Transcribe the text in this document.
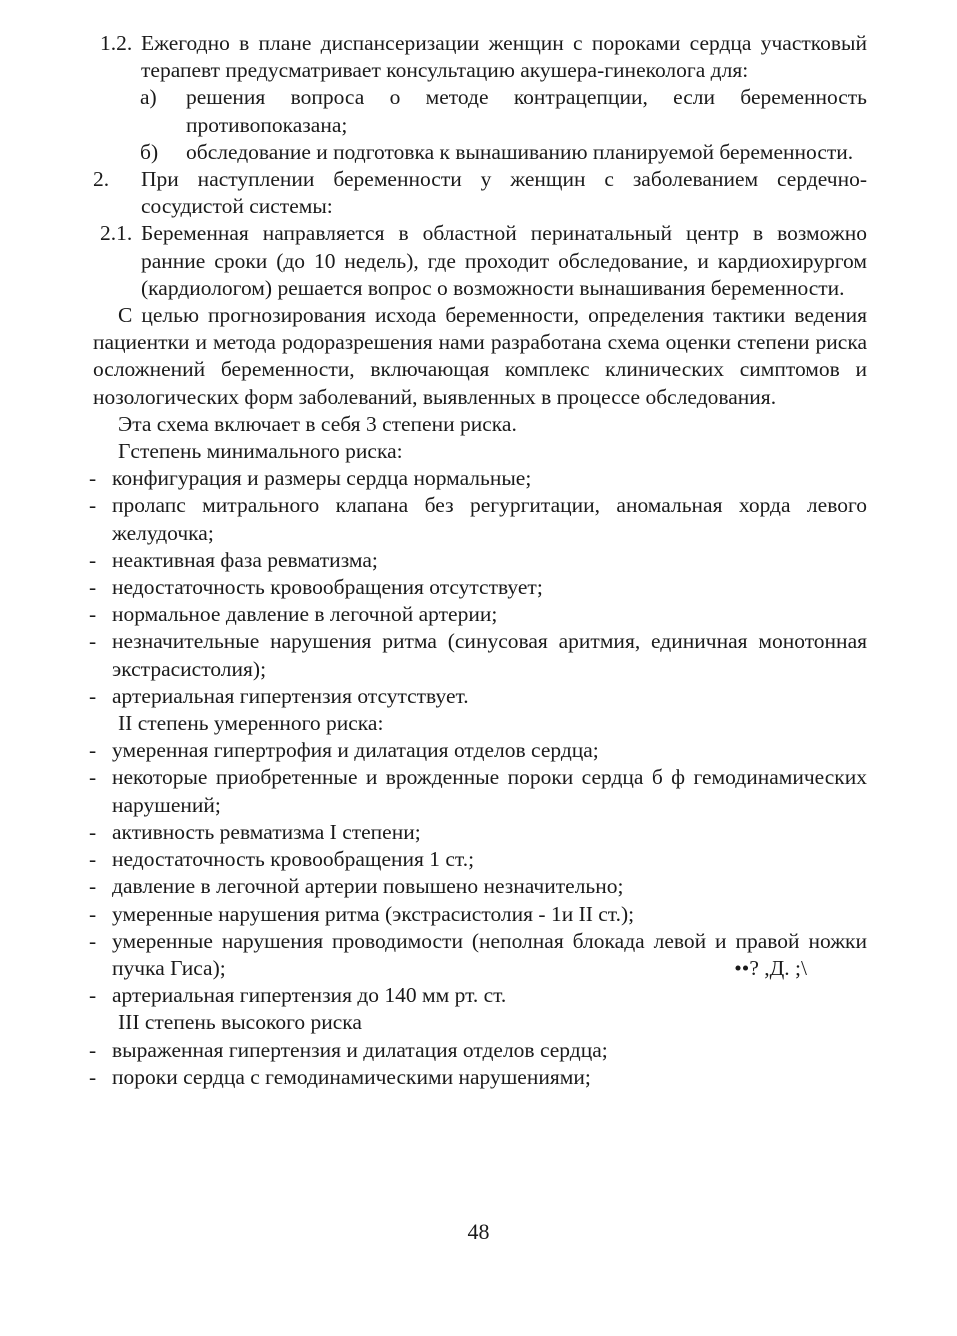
1.2. Ежегодно в плане диспансеризации женщин с пороками сердца участковый терапевт предусматривает консультацию акушера-гинеколога для:
а) решения вопроса о методе контрацепции, если беременность противопоказана;
б) обследование и подготовка к вынашиванию планируемой беременности.
2. При наступлении беременности у женщин с заболеванием сердечно-сосудистой системы:
2.1. Беременная направляется в областной перинатальный центр в возможно ранние сроки (до 10 недель), где проходит обследование, и кардиохирургом (кардиологом) решается вопрос о возможности вынашивания беременности.
С целью прогнозирования исхода беременности, определения тактики ведения пациентки и метода родоразрешения нами разработана схема оценки степени риска осложнений беременности, включающая комплекс клинических симптомов и нозологических форм заболеваний, выявленных в процессе обследования.
Эта схема включает в себя 3 степени риска.
Гстепень минимального риска:
- конфигурация и размеры сердца нормальные;
- пролапс митрального клапана без регургитации, аномальная хорда левого желудочка;
- неактивная фаза ревматизма;
- недостаточность кровообращения отсутствует;
- нормальное давление в легочной артерии;
- незначительные нарушения ритма (синусовая аритмия, единичная монотонная экстрасистолия);
- артериальная гипертензия отсутствует.
II степень умеренного риска:
- умеренная гипертрофия и дилатация отделов сердца;
- некоторые приобретенные и врожденные пороки сердца б ф гемодинамических нарушений;
- активность ревматизма I степени;
- недостаточность кровообращения 1 ст.;
- давление в легочной артерии повышено незначительно;
- умеренные нарушения ритма (экстрасистолия - 1и II ст.);
- умеренные нарушения проводимости (неполная блокада левой и правой ножки пучка Гиса);	••? ,Д. ;\
- артериальная гипертензия до 140 мм рт. ст.
III степень высокого риска
- выраженная гипертензия и дилатация отделов сердца;
- пороки сердца с гемодинамическими нарушениями;
48
